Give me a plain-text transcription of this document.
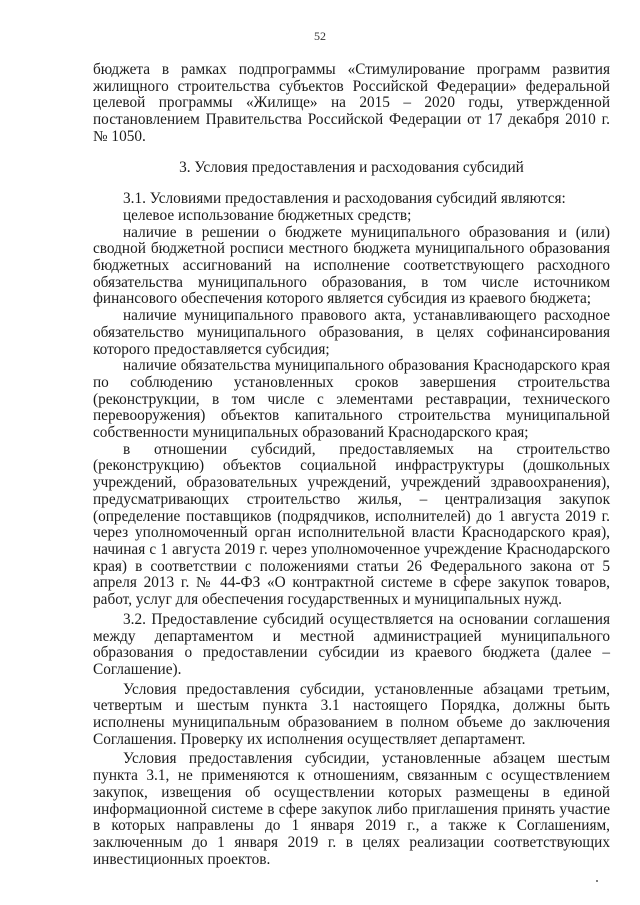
52

бюджета в рамках подпрограммы «Стимулирование программ развития жилищного строительства субъектов Российской Федерации» федеральной целевой программы «Жилище» на 2015 – 2020 годы, утвержденной постановлением Правительства Российской Федерации от 17 декабря 2010 г. № 1050.

3. Условия предоставления и расходования субсидий

3.1. Условиями предоставления и расходования субсидий являются:

целевое использование бюджетных средств;

наличие в решении о бюджете муниципального образования и (или) сводной бюджетной росписи местного бюджета муниципального образования бюджетных ассигнований на исполнение соответствующего расходного обязательства муниципального образования, в том числе источником финансового обеспечения которого является субсидия из краевого бюджета;

наличие муниципального правового акта, устанавливающего расходное обязательство муниципального образования, в целях софинансирования которого предоставляется субсидия;

наличие обязательства муниципального образования Краснодарского края по соблюдению установленных сроков завершения строительства (реконструкции, в том числе с элементами реставрации, технического перевооружения) объектов капитального строительства муниципальной собственности муниципальных образований Краснодарского края;

в отношении субсидий, предоставляемых на строительство (реконструкцию) объектов социальной инфраструктуры (дошкольных учреждений, образовательных учреждений, учреждений здравоохранения), предусматривающих строительство жилья, – централизация закупок (определение поставщиков (подрядчиков, исполнителей) до 1 августа 2019 г. через уполномоченный орган исполнительной власти Краснодарского края), начиная с 1 августа 2019 г. через уполномоченное учреждение Краснодарского края) в соответствии с положениями статьи 26 Федерального закона от 5 апреля 2013 г. № 44-ФЗ «О контрактной системе в сфере закупок товаров, работ, услуг для обеспечения государственных и муниципальных нужд.

3.2. Предоставление субсидий осуществляется на основании соглашения между департаментом и местной администрацией муниципального образования о предоставлении субсидии из краевого бюджета (далее – Соглашение).

Условия предоставления субсидии, установленные абзацами третьим, четвертым и шестым пункта 3.1 настоящего Порядка, должны быть исполнены муниципальным образованием в полном объеме до заключения Соглашения. Проверку их исполнения осуществляет департамент.

Условия предоставления субсидии, установленные абзацем шестым пункта 3.1, не применяются к отношениям, связанным с осуществлением закупок, извещения об осуществлении которых размещены в единой информационной системе в сфере закупок либо приглашения принять участие в которых направлены до 1 января 2019 г., а также к Соглашениям, заключенным до 1 января 2019 г. в целях реализации соответствующих инвестиционных проектов.
